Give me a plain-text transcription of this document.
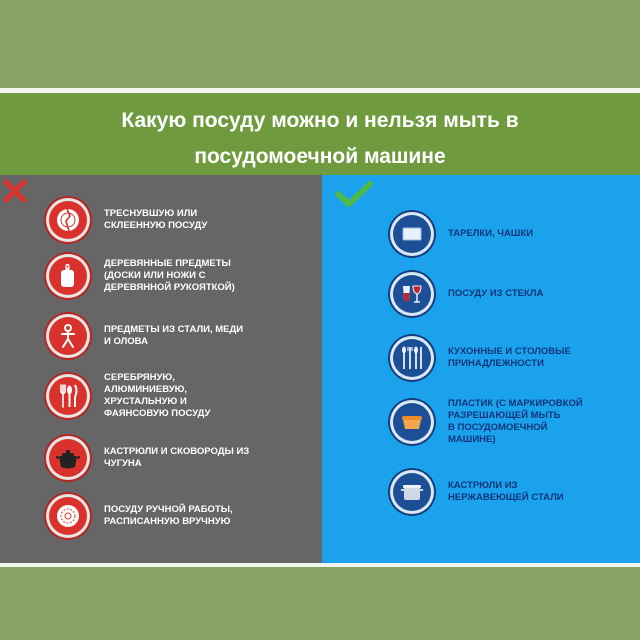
Какую посуду можно и нельзя мыть в
посудомоечной машине
ТРЕСНУВШУЮ ИЛИ
СКЛЕЕННУЮ ПОСУДУ
ДЕРЕВЯННЫЕ ПРЕДМЕТЫ
(ДОСКИ ИЛИ НОЖИ С
ДЕРЕВЯННОЙ РУКОЯТКОЙ)
ПРЕДМЕТЫ ИЗ СТАЛИ, МЕДИ
И ОЛОВА
СЕРЕБРЯНУЮ,
АЛЮМИНИЕВУЮ,
ХРУСТАЛЬНУЮ И
ФАЯНСОВУЮ ПОСУДУ
КАСТРЮЛИ И СКОВОРОДЫ ИЗ
ЧУГУНА
ПОСУДУ РУЧНОЙ РАБОТЫ,
РАСПИСАННУЮ ВРУЧНУЮ
ТАРЕЛКИ, ЧАШКИ
ПОСУДУ ИЗ СТЕКЛА
КУХОННЫЕ И СТОЛОВЫЕ
ПРИНАДЛЕЖНОСТИ
ПЛАСТИК (С МАРКИРОВКОЙ
РАЗРЕШАЮЩЕЙ МЫТЬ
В ПОСУДОМОЕЧНОЙ
МАШИНЕ)
КАСТРЮЛИ ИЗ
НЕРЖАВЕЮЩЕЙ СТАЛИ
